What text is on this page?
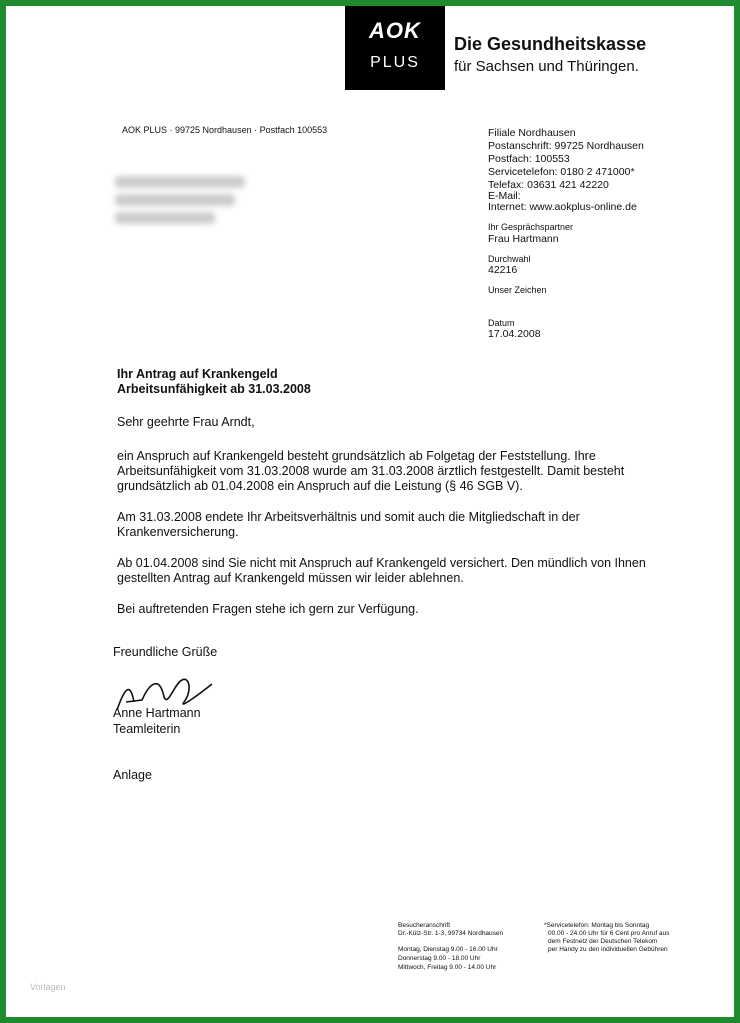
AOK
PLUS
Die Gesundheitskasse
für Sachsen und Thüringen.
AOK PLUS · 99725 Nordhausen · Postfach 100553	Filiale Nordhausen
Postanschrift: 99725 Nordhausen
Postfach: 100553
Servicetelefon: 0180 2 471000*
Telefax: 03631 421 42220
E-Mail:
Internet: www.aokplus-online.de
Ihr Gesprächspartner
Frau Hartmann
Durchwahl
42216
Unser Zeichen
Datum
17.04.2008
Ihr Antrag auf Krankengeld
Arbeitsunfähigkeit ab 31.03.2008
Sehr geehrte Frau Arndt,
ein Anspruch auf Krankengeld besteht grundsätzlich ab Folgetag der Feststellung. Ihre
Arbeitsunfähigkeit vom 31.03.2008 wurde am 31.03.2008 ärztlich festgestellt. Damit besteht
grundsätzlich ab 01.04.2008 ein Anspruch auf die Leistung (§ 46 SGB V).
Am 31.03.2008 endete Ihr Arbeitsverhältnis und somit auch die Mitgliedschaft in der
Krankenversicherung.
Ab 01.04.2008 sind Sie nicht mit Anspruch auf Krankengeld versichert. Den mündlich von Ihnen
gestellten Antrag auf Krankengeld müssen wir leider ablehnen.
Bei auftretenden Fragen stehe ich gern zur Verfügung.
Freundliche Grüße
Anne Hartmann
Teamleiterin
Anlage
Besucheranschrift
Dr.-Külz-Str. 1-3, 99734 Nordhausen
Montag, Dienstag 9.00 - 16.00 Uhr
Donnerstag 9.00 - 18.00 Uhr
Mittwoch, Freitag 9.00 - 14.00 Uhr
*Servicetelefon: Montag bis Sonntag
00.00 - 24.00 Uhr für 6 Cent pro Anruf aus
dem Festnetz der Deutschen Telekom
per Handy zu den individuellen Gebühren
Vorlagen
